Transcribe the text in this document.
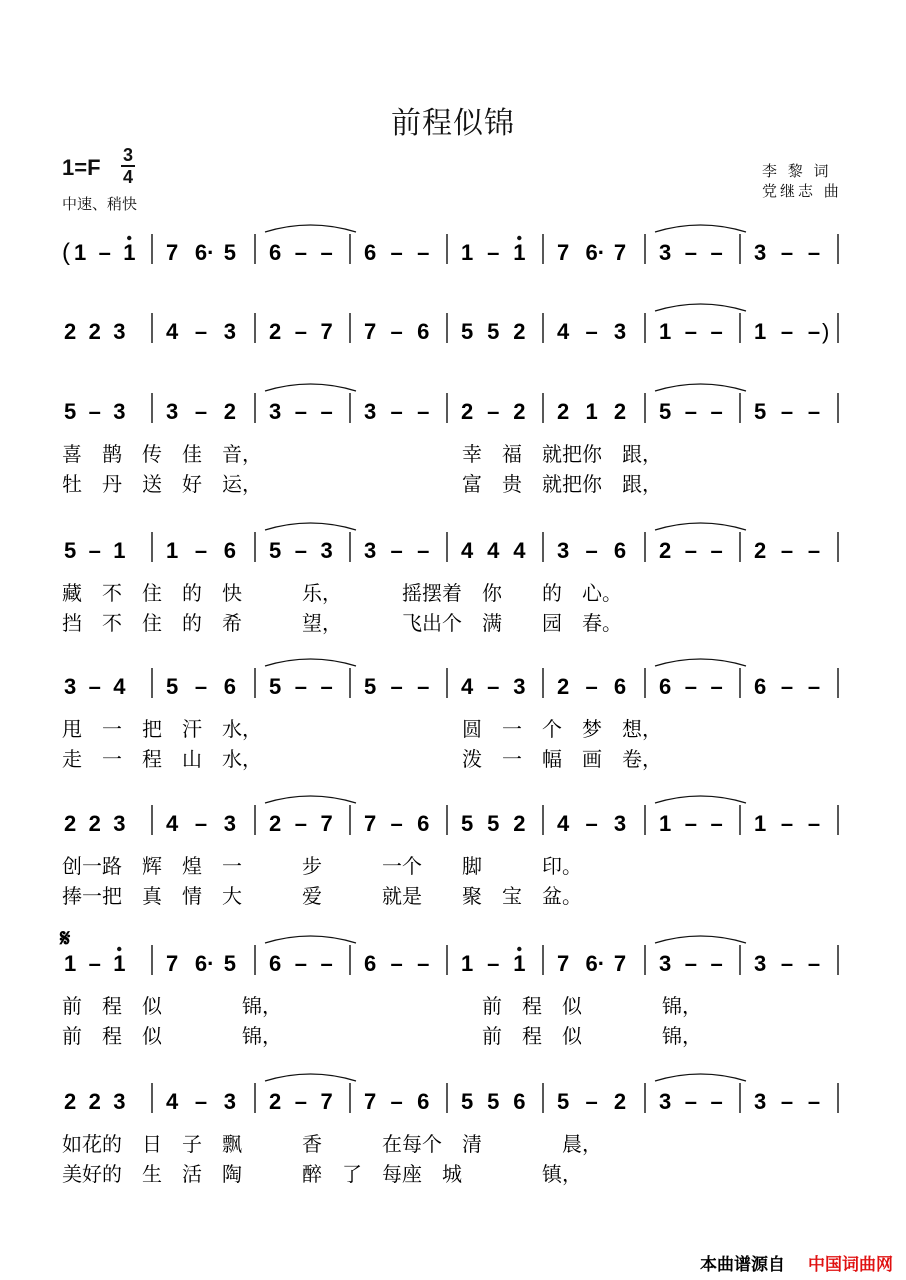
前程似锦
1=F 3
4
中速、稍快
李 黎 词
党继志 曲
( 1 – 1 7 6· 5 6 – – 6 – – 1 – 1 7 6· 7 3 – – 3 – –
2 2 3 4 – 3 2 – 7 7 – 6 5 5 2 4 – 3 1 – – 1 – – )
5 – 3 3 – 2 3 – – 3 – – 2 – 2 2 1 2 5 – – 5 – –
喜 鹊 传 佳 音，          幸 福 就把你 跟，
牡 丹 送 好 运，          富 贵 就把你 跟，
5 – 1 1 – 6 5 – 3 3 – – 4 4 4 3 – 6 2 – – 2 – –
藏 不 住 的 快   乐，   摇摆着 你  的 心。
挡 不 住 的 希   望，   飞出个 满  园 春。
3 – 4 5 – 6 5 – – 5 – – 4 – 3 2 – 6 6 – – 6 – –
甩 一 把 汗 水，          圆 一 个 梦 想，
走 一 程 山 水，          泼 一 幅 画 卷，
2 2 3 4 – 3 2 – 7 7 – 6 5 5 2 4 – 3 1 – – 1 – –
创一路 辉 煌 一   步   一个  脚   印。
捧一把 真 情 大   爱   就是  聚 宝 盆。
1 – 1 7 6· 5 6 – – 6 – – 1 – 1 7 6· 7 3 – – 3 – –
前 程 似    锦，          前 程 似    锦，
前 程 似    锦，          前 程 似    锦，
2 2 3 4 – 3 2 – 7 7 – 6 5 5 6 5 – 2 3 – – 3 – –
如花的 日 子 飘   香   在每个 清    晨，
美好的 生 活 陶   醉 了 每座 城    镇，
𝄋
本曲谱源自 中国词曲网
